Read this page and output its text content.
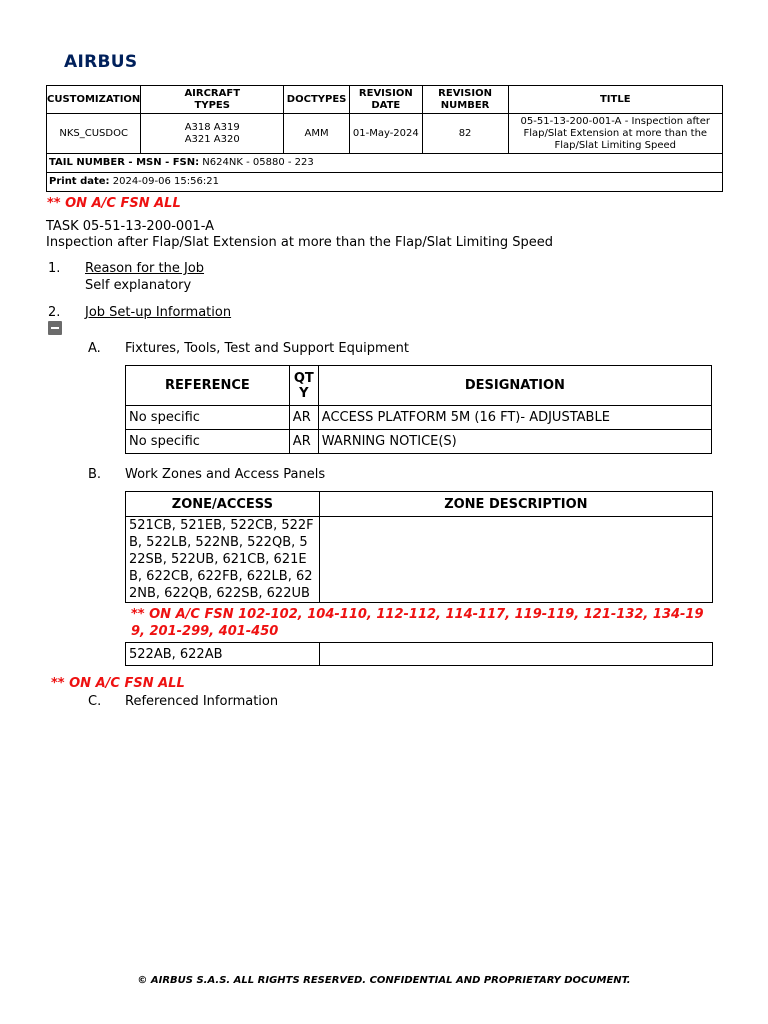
AIRBUS
CUSTOMIZATION	AIRCRAFT TYPES	DOCTYPES	REVISION DATE	REVISION NUMBER	TITLE
NKS_CUSDOC	A318 A319 A321 A320	AMM	01-May-2024	82	05-51-13-200-001-A - Inspection after Flap/Slat Extension at more than the Flap/Slat Limiting Speed
TAIL NUMBER - MSN - FSN: N624NK - 05880 - 223					
Print date: 2024-09-06 15:56:21					
** ON A/C FSN ALL
TASK 05-51-13-200-001-A
Inspection after Flap/Slat Extension at more than the Flap/Slat Limiting Speed
1. Reason for the Job
Self explanatory
2. Job Set-up Information
A. Fixtures, Tools, Test and Support Equipment
REFERENCE	QTY	DESIGNATION
No specific	AR	ACCESS PLATFORM 5M (16 FT)- ADJUSTABLE
No specific	AR	WARNING NOTICE(S)
B. Work Zones and Access Panels
ZONE/ACCESS	ZONE DESCRIPTION
521CB, 521EB, 522CB, 522FB, 522LB, 522NB, 522QB, 522SB, 522UB, 621CB, 621EB, 622CB, 622FB, 622LB, 622NB, 622QB, 622SB, 622UB	
** ON A/C FSN 102-102, 104-110, 112-112, 114-117, 119-119, 121-132, 134-199, 201-299, 401-450
522AB, 622AB	
** ON A/C FSN ALL
C. Referenced Information
© AIRBUS S.A.S. ALL RIGHTS RESERVED. CONFIDENTIAL AND PROPRIETARY DOCUMENT.
